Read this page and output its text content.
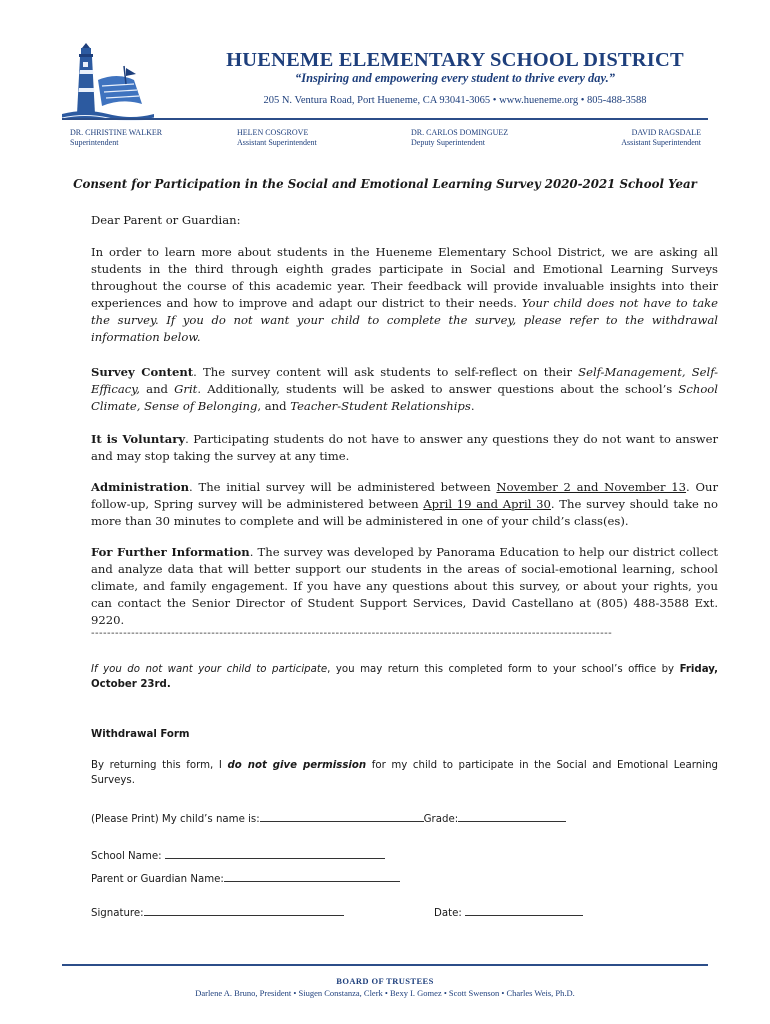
HUENEME ELEMENTARY SCHOOL DISTRICT
“Inspiring and empowering every student to thrive every day.”
205 N. Ventura Road, Port Hueneme, CA 93041-3065 • www.hueneme.org • 805-488-3588
DR. CHRISTINE WALKER
Superintendent
HELEN COSGROVE
Assistant Superintendent
DR. CARLOS DOMINGUEZ
Deputy Superintendent
DAVID RAGSDALE
Assistant Superintendent
Consent for Participation in the Social and Emotional Learning Survey 2020-2021 School Year
Dear Parent or Guardian:
In order to learn more about students in the Hueneme Elementary School District, we are asking all students in the third through eighth grades participate in Social and Emotional Learning Surveys throughout the course of this academic year. Their feedback will provide invaluable insights into their experiences and how to improve and adapt our district to their needs. Your child does not have to take the survey. If you do not want your child to complete the survey, please refer to the withdrawal information below.
Survey Content. The survey content will ask students to self-reflect on their Self-Management, Self-Efficacy, and Grit. Additionally, students will be asked to answer questions about the school’s School Climate, Sense of Belonging, and Teacher-Student Relationships.
It is Voluntary. Participating students do not have to answer any questions they do not want to answer and may stop taking the survey at any time.
Administration. The initial survey will be administered between November 2 and November 13. Our follow-up, Spring survey will be administered between April 19 and April 30. The survey should take no more than 30 minutes to complete and will be administered in one of your child’s class(es).
For Further Information. The survey was developed by Panorama Education to help our district collect and analyze data that will better support our students in the areas of social-emotional learning, school climate, and family engagement. If you have any questions about this survey, or about your rights, you can contact the Senior Director of Student Support Services, David Castellano at (805) 488-3588 Ext. 9220.
----------------------------------------------------------------------------------------------------------------------------------
If you do not want your child to participate, you may return this completed form to your school’s office by Friday, October 23rd.
Withdrawal Form
By returning this form, I do not give permission for my child to participate in the Social and Emotional Learning Surveys.
(Please Print) My child’s name is:	Grade:
School Name:
Parent or Guardian Name:
Signature:	Date:
BOARD OF TRUSTEES
Darlene A. Bruno, President • Siugen Constanza, Clerk • Bexy I. Gomez • Scott Swenson • Charles Weis, Ph.D.
